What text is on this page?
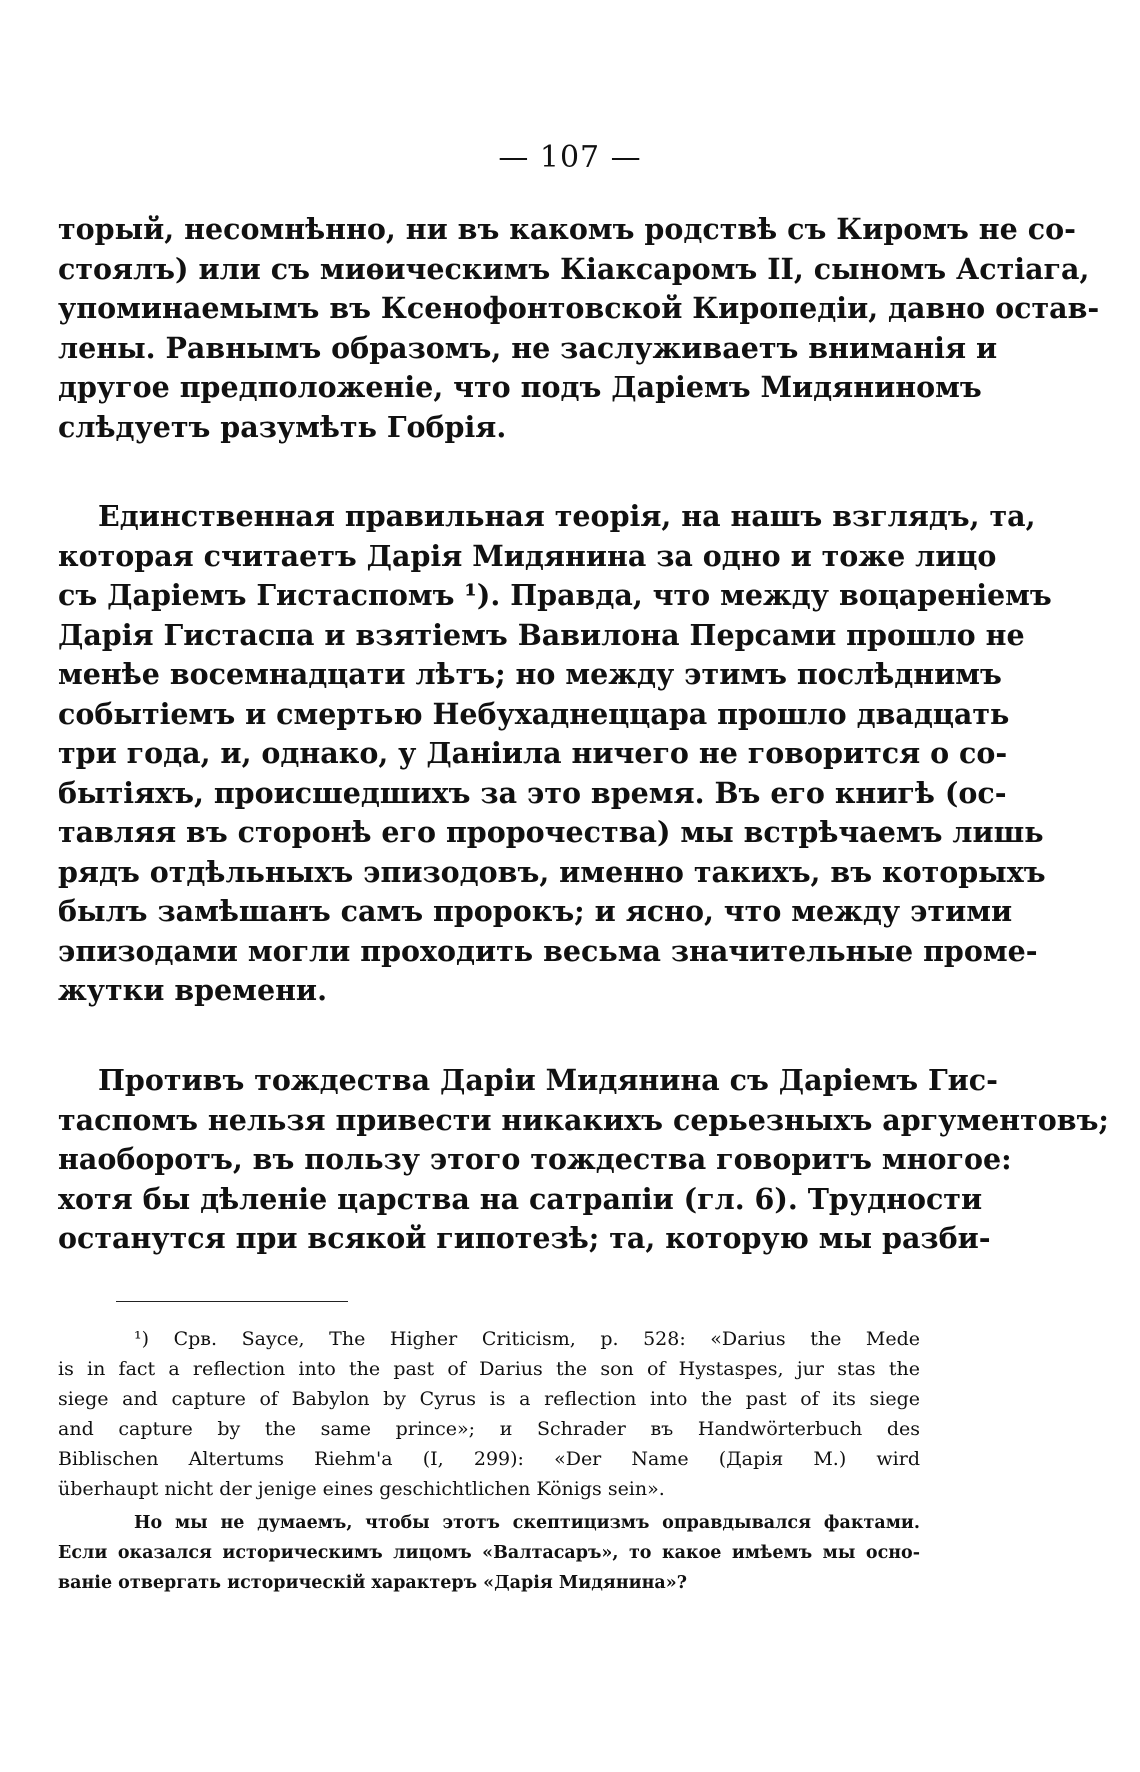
— 107 —
торый, несомнѣнно, ни въ какомъ родствѣ съ Киромъ не со-
стоялъ) или съ миѳическимъ Кіаксаромъ II, сыномъ Астіага,
упоминаемымъ въ Ксенофонтовской Киропедіи, давно остав-
лены. Равнымъ образомъ, не заслуживаетъ вниманія и
другое предположеніе, что подъ Даріемъ Мидяниномъ
слѣдуетъ разумѣть Гобрія.
Единственная правильная теорія, на нашъ взглядъ, та,
которая считаетъ Дарія Мидянина за одно и тоже лицо
съ Даріемъ Гистаспомъ ¹). Правда, что между воцареніемъ
Дарія Гистаспа и взятіемъ Вавилона Персами прошло не
менѣе восемнадцати лѣтъ; но между этимъ послѣднимъ
событіемъ и смертью Небухаднеццара прошло двадцать
три года, и, однако, у Даніила ничего не говорится о со-
бытіяхъ, происшедшихъ за это время. Въ его книгѣ (ос-
тавляя въ сторонѣ его пророчества) мы встрѣчаемъ лишь
рядъ отдѣльныхъ эпизодовъ, именно такихъ, въ которыхъ
былъ замѣшанъ самъ пророкъ; и ясно, что между этими
эпизодами могли проходить весьма значительные проме-
жутки времени.
Противъ тождества Даріи Мидянина съ Даріемъ Гис-
таспомъ нельзя привести никакихъ серьезныхъ аргументовъ;
наоборотъ, въ пользу этого тождества говоритъ многое:
хотя бы дѣленіе царства на сатрапіи (гл. 6). Трудности
останутся при всякой гипотезѣ; та, которую мы разби-
¹) Срв. Sayce, The Higher Criticism, p. 528: «Darius the Mede
is in fact a reflection into the past of Darius the son of Hystaspes, jur stas the
siege and capture of Babylon by Cyrus is a reflection into the past of its siege
and capture by the same prince»; и Schrader въ Handwörterbuch des
Biblischen Altertums Riehm'a (I, 299): «Der Name (Дарія М.) wird
überhaupt nicht der jenige eines geschichtlichen Königs sein».
Но мы не думаемъ, чтобы этотъ скептицизмъ оправдывался фактами.
Если оказался историческимъ лицомъ «Валтасаръ», то какое имѣемъ мы осно-
ваніе отвергать историческій характеръ «Дарія Мидянина»?
